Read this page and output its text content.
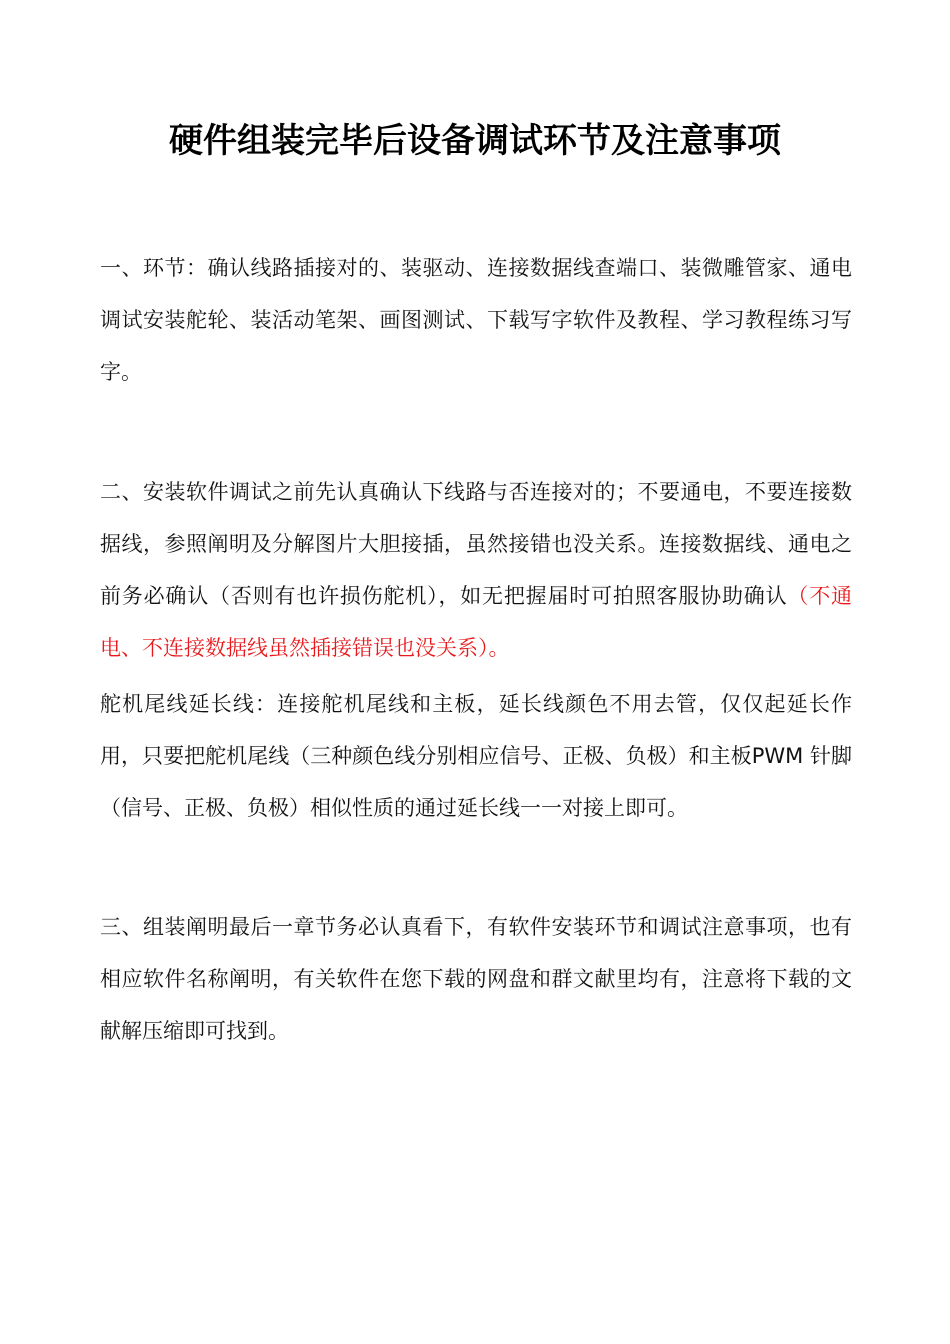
硬件组装完毕后设备调试环节及注意事项

一、环节：确认线路插接对的、装驱动、连接数据线查端口、装微雕管家、通电调试安装舵轮、装活动笔架、画图测试、下载写字软件及教程、学习教程练习写字。

二、安装软件调试之前先认真确认下线路与否连接对的；不要通电，不要连接数据线，参照阐明及分解图片大胆接插，虽然接错也没关系。连接数据线、通电之前务必确认（否则有也许损伤舵机），如无把握届时可拍照客服协助确认（不通电、不连接数据线虽然插接错误也没关系）。

舵机尾线延长线：连接舵机尾线和主板，延长线颜色不用去管，仅仅起延长作用，只要把舵机尾线（三种颜色线分别相应信号、正极、负极）和主板PWM 针脚（信号、正极、负极）相似性质的通过延长线一一对接上即可。

三、组装阐明最后一章节务必认真看下，有软件安装环节和调试注意事项，也有相应软件名称阐明，有关软件在您下载的网盘和群文献里均有，注意将下载的文献解压缩即可找到。
